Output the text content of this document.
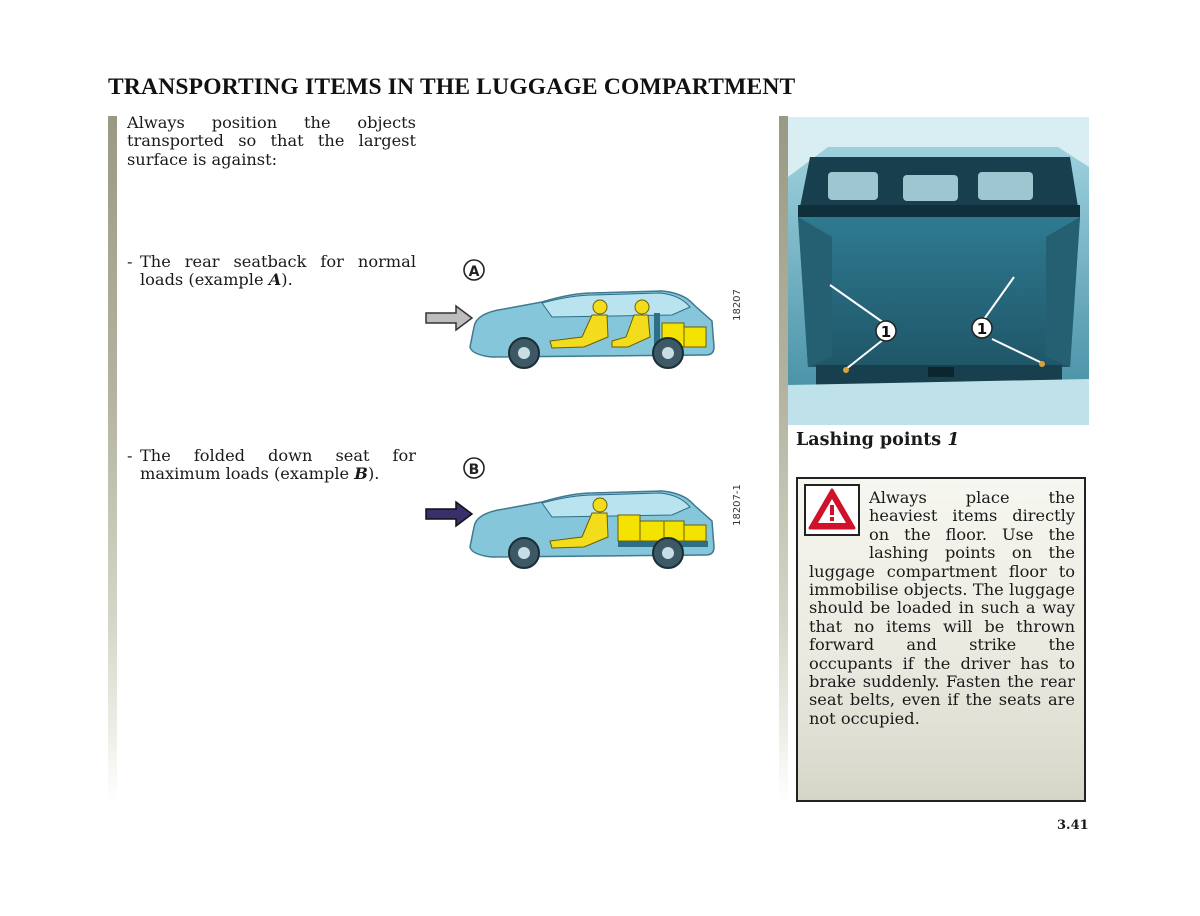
TRANSPORTING ITEMS IN THE LUGGAGE COMPARTMENT

Always position the objects transported so that the largest surface is against:

- The rear seatback for normal loads (example A).
- The folded down seat for maximum loads (example B).
A
18207
B
18207-1
1	1

Lashing points 1

Always place the heaviest items directly on the floor. Use the lashing points on the luggage compartment floor to immobilise objects. The luggage should be loaded in such a way that no items will be thrown forward and strike the occupants if the driver has to brake suddenly. Fasten the rear seat belts, even if the seats are not occupied.

3.41
